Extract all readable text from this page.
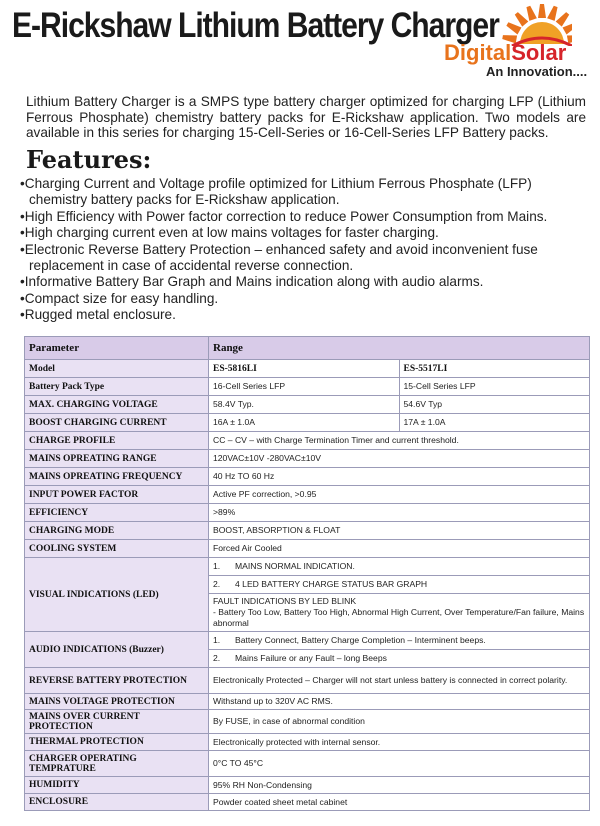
E-Rickshaw Lithium Battery Charger
DigitalSolar
An Innovation....

Lithium Battery Charger is a SMPS type battery charger optimized for charging LFP (Lithium Ferrous Phosphate) chemistry battery packs for E-Rickshaw application. Two models are available in this series for charging 15-Cell-Series or 16-Cell-Series LFP Battery packs.

Features:
• Charging Current and Voltage profile optimized for Lithium Ferrous Phosphate (LFP) chemistry battery packs for E-Rickshaw application.
• High Efficiency with Power factor correction to reduce Power Consumption from Mains.
• High charging current even at low mains voltages for faster charging.
• Electronic Reverse Battery Protection – enhanced safety and avoid inconvenient fuse replacement in case of accidental reverse connection.
• Informative Battery Bar Graph and Mains indication along with audio alarms.
• Compact size for easy handling.
• Rugged metal enclosure.
Parameter	Range	
Model	ES-5816LI	ES-5517LI
Battery Pack Type	16-Cell Series LFP	15-Cell Series LFP
MAX. CHARGING VOLTAGE	58.4V Typ.	54.6V Typ
BOOST CHARGING CURRENT	16A ± 1.0A	17A ± 1.0A
CHARGE PROFILE	CC – CV – with Charge Termination Timer and current threshold.	
MAINS OPREATING RANGE	120VAC±10V -280VAC±10V	
MAINS OPREATING FREQUENCY	40 Hz TO 60 Hz	
INPUT POWER FACTOR	Active PF correction, >0.95	
EFFICIENCY	>89%	
CHARGING MODE	BOOST, ABSORPTION & FLOAT	
COOLING SYSTEM	Forced Air Cooled	
VISUAL INDICATIONS (LED)	1. MAINS NORMAL INDICATION.	
	2. 4 LED BATTERY CHARGE STATUS BAR GRAPH	

	FAULT INDICATIONS BY LED BLINK
- Battery Too Low, Battery Too High, Abnormal High Current, Over Temperature/Fan failure, Mains abnormal	

AUDIO INDICATIONS (Buzzer)	1. Battery Connect, Battery Charge Completion – Interminent beeps.	
	2. Mains Failure or any Fault – long Beeps	
REVERSE BATTERY PROTECTION	Electronically Protected – Charger will not start unless battery is connected in correct polarity.	
MAINS VOLTAGE PROTECTION	Withstand up to 320V AC RMS.	
MAINS OVER CURRENT PROTECTION	By FUSE, in case of abnormal condition	
THERMAL PROTECTION	Electronically protected with internal sensor.	
CHARGER OPERATING TEMPRATURE	0°C TO 45°C	
HUMIDITY	95% RH Non-Condensing	
ENCLOSURE	Powder coated sheet metal cabinet	
